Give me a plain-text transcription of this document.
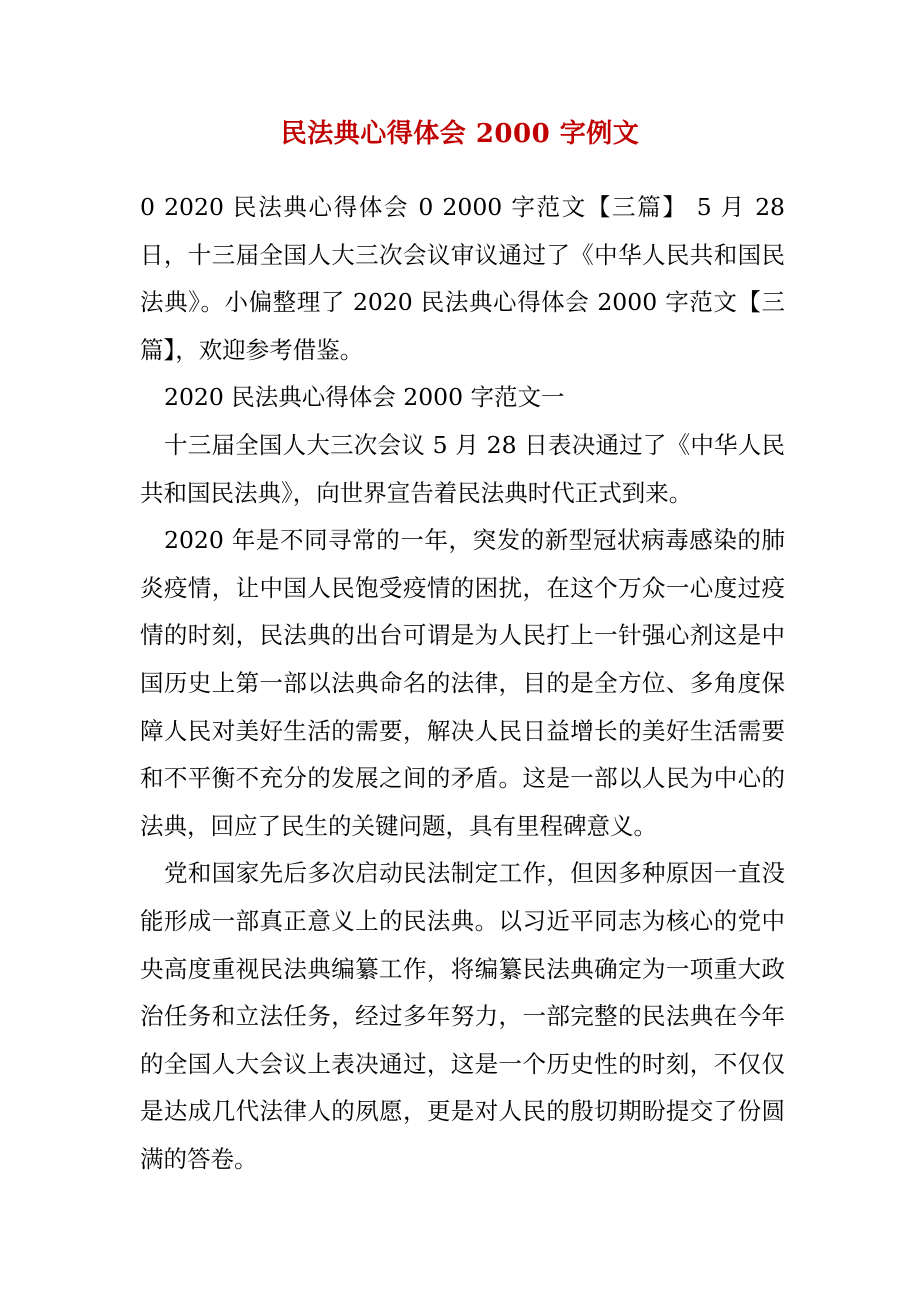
民法典心得体会 2000 字例文

0 2020 民法典心得体会 0 2000 字范文【三篇】 5 月 28 日，十三届全国人大三次会议审议通过了《中华人民共和国民法典》。小偏整理了 2020 民法典心得体会 2000 字范文【三篇】，欢迎参考借鉴。

2020 民法典心得体会 2000 字范文一

十三届全国人大三次会议 5 月 28 日表决通过了《中华人民共和国民法典》，向世界宣告着民法典时代正式到来。

2020 年是不同寻常的一年，突发的新型冠状病毒感染的肺炎疫情，让中国人民饱受疫情的困扰，在这个万众一心度过疫情的时刻，民法典的出台可谓是为人民打上一针强心剂这是中国历史上第一部以法典命名的法律，目的是全方位、多角度保障人民对美好生活的需要，解决人民日益增长的美好生活需要和不平衡不充分的发展之间的矛盾。这是一部以人民为中心的法典，回应了民生的关键问题，具有里程碑意义。

党和国家先后多次启动民法制定工作，但因多种原因一直没能形成一部真正意义上的民法典。以习近平同志为核心的党中央高度重视民法典编纂工作，将编纂民法典确定为一项重大政治任务和立法任务，经过多年努力，一部完整的民法典在今年的全国人大会议上表决通过，这是一个历史性的时刻，不仅仅是达成几代法律人的夙愿，更是对人民的殷切期盼提交了份圆满的答卷。
